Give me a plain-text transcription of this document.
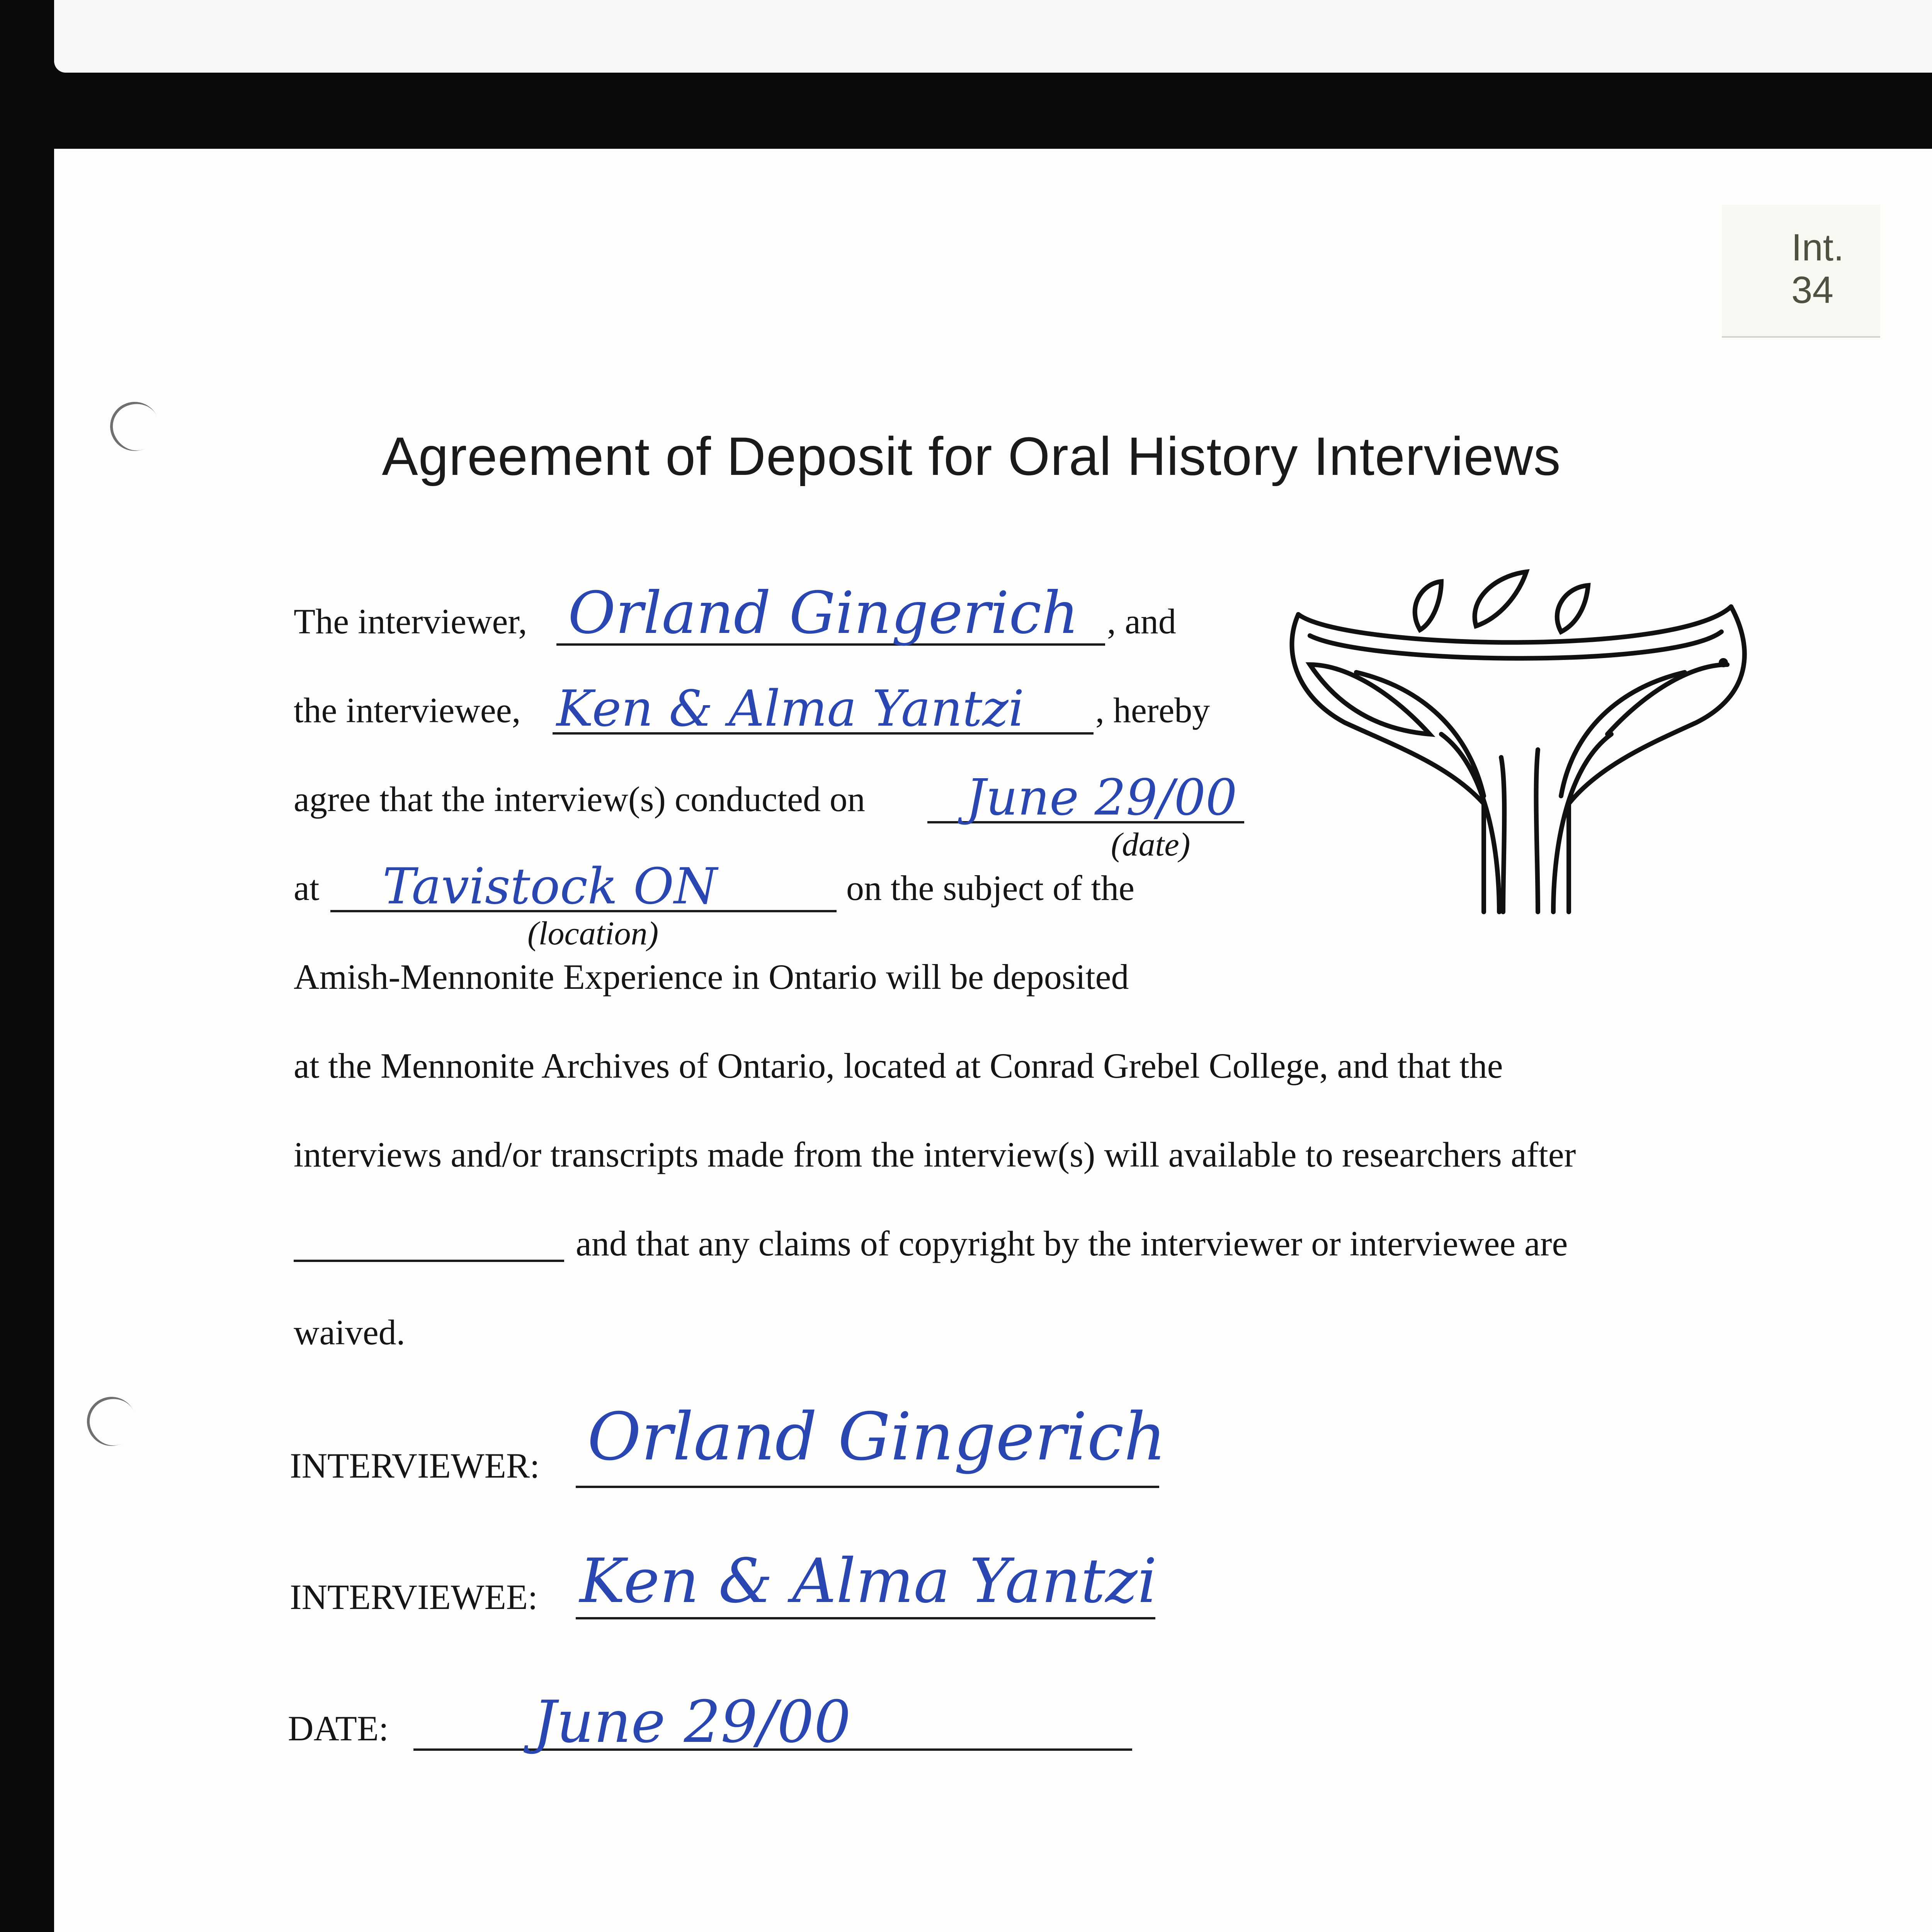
Int.
34
Agreement of Deposit for Oral History Interviews
The interviewer, Orland Gingerich , and
the interviewee, Ken & Alma Yantzi , hereby
agree that the interview(s) conducted on June 29/00
(date)
at Tavistock ON	on the subject of the
(location)
Amish-Mennonite Experience in Ontario will be deposited
at the Mennonite Archives of Ontario, located at Conrad Grebel College, and that the
interviews and/or transcripts made from the interview(s) will available to researchers after
and that any claims of copyright by the interviewer or interviewee are
waived.
INTERVIEWER: Orland Gingerich
INTERVIEWEE: Ken & Alma Yantzi
DATE: June 29/00
